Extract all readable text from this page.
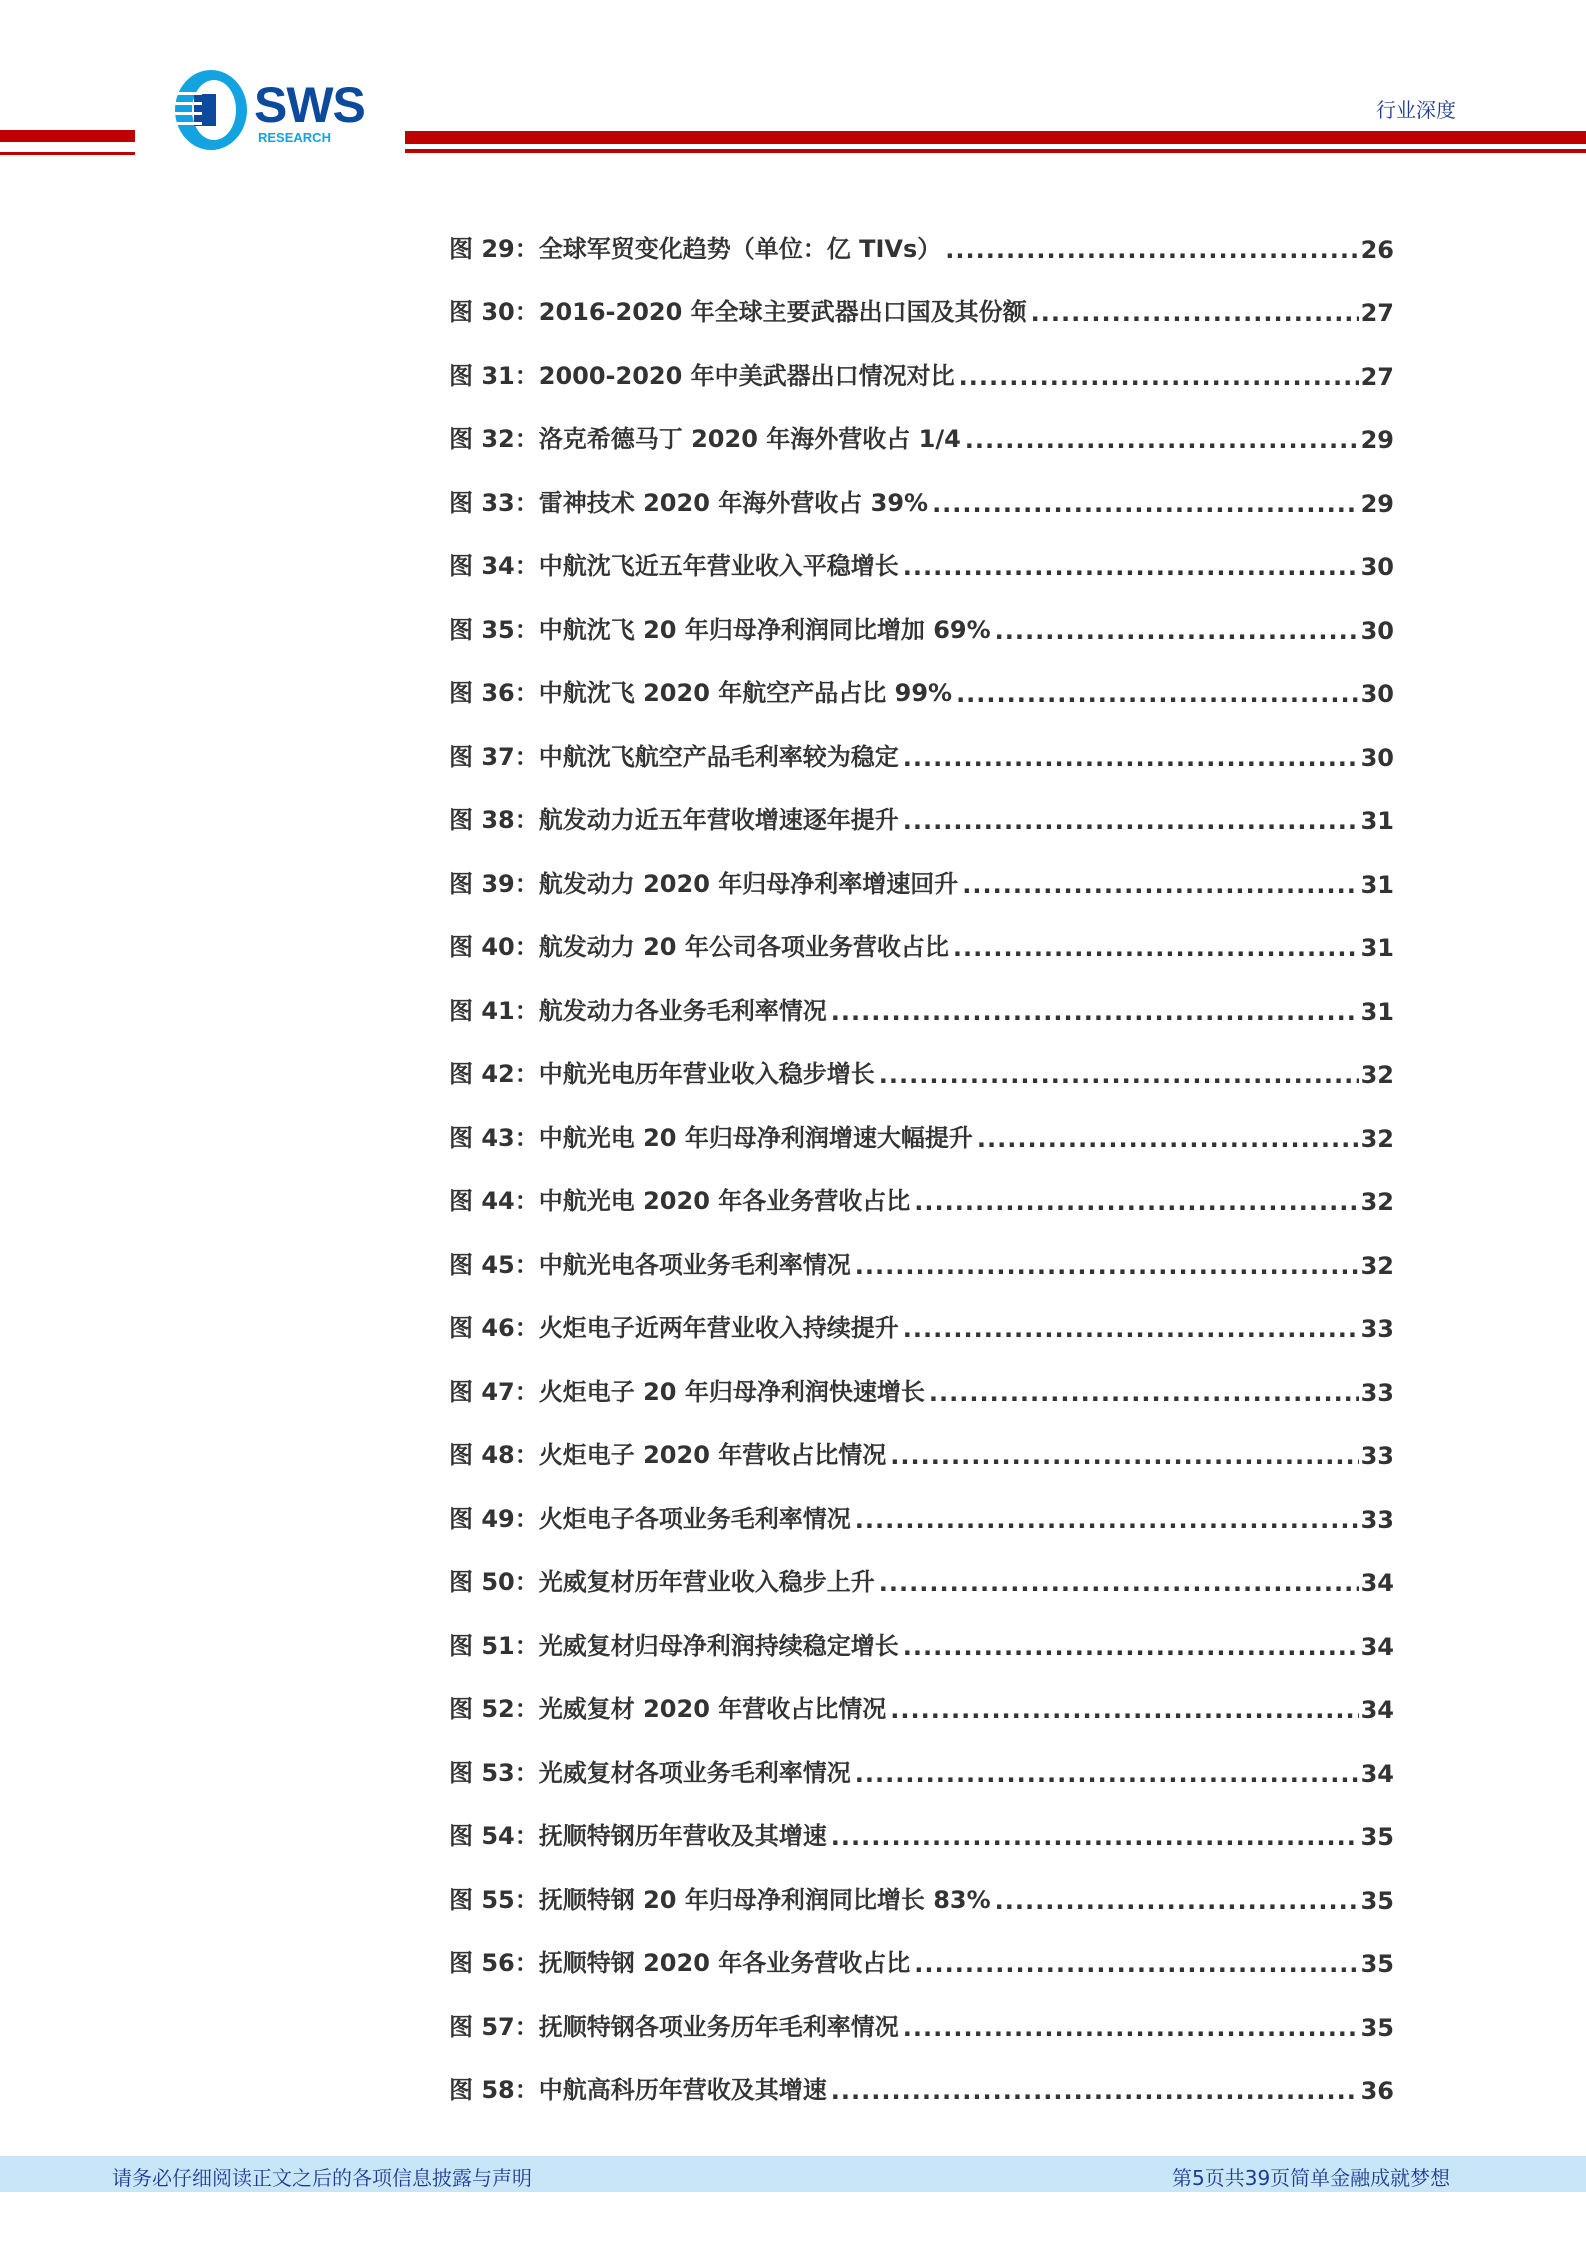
SWS
RESEARCH
行业深度
图 29：全球军贸变化趋势（单位：亿 TIVs） .....	26
图 30：2016-2020 年全球主要武器出口国及其份额 .....	27
图 31：2000-2020 年中美武器出口情况对比 .....	27
图 32：洛克希德马丁 2020 年海外营收占 1/4 .....	29
图 33：雷神技术 2020 年海外营收占 39% .....	29
图 34：中航沈飞近五年营业收入平稳增长 .....	30
图 35：中航沈飞 20 年归母净利润同比增加 69% .....	30
图 36：中航沈飞 2020 年航空产品占比 99% .....	30
图 37：中航沈飞航空产品毛利率较为稳定 .....	30
图 38：航发动力近五年营收增速逐年提升 .....	31
图 39：航发动力 2020 年归母净利率增速回升 .....	31
图 40：航发动力 20 年公司各项业务营收占比 .....	31
图 41：航发动力各业务毛利率情况 .....	31
图 42：中航光电历年营业收入稳步增长 .....	32
图 43：中航光电 20 年归母净利润增速大幅提升 .....	32
图 44：中航光电 2020 年各业务营收占比 .....	32
图 45：中航光电各项业务毛利率情况 .....	32
图 46：火炬电子近两年营业收入持续提升 .....	33
图 47：火炬电子 20 年归母净利润快速增长 .....	33
图 48：火炬电子 2020 年营收占比情况 .....	33
图 49：火炬电子各项业务毛利率情况 .....	33
图 50：光威复材历年营业收入稳步上升 .....	34
图 51：光威复材归母净利润持续稳定增长 .....	34
图 52：光威复材 2020 年营收占比情况 .....	34
图 53：光威复材各项业务毛利率情况 .....	34
图 54：抚顺特钢历年营收及其增速 .....	35
图 55：抚顺特钢 20 年归母净利润同比增长 83% .....	35
图 56：抚顺特钢 2020 年各业务营收占比 .....	35
图 57：抚顺特钢各项业务历年毛利率情况 .....	35
图 58：中航高科历年营收及其增速 .....	36
请务必仔细阅读正文之后的各项信息披露与声明	第5页共39页简单金融成就梦想
